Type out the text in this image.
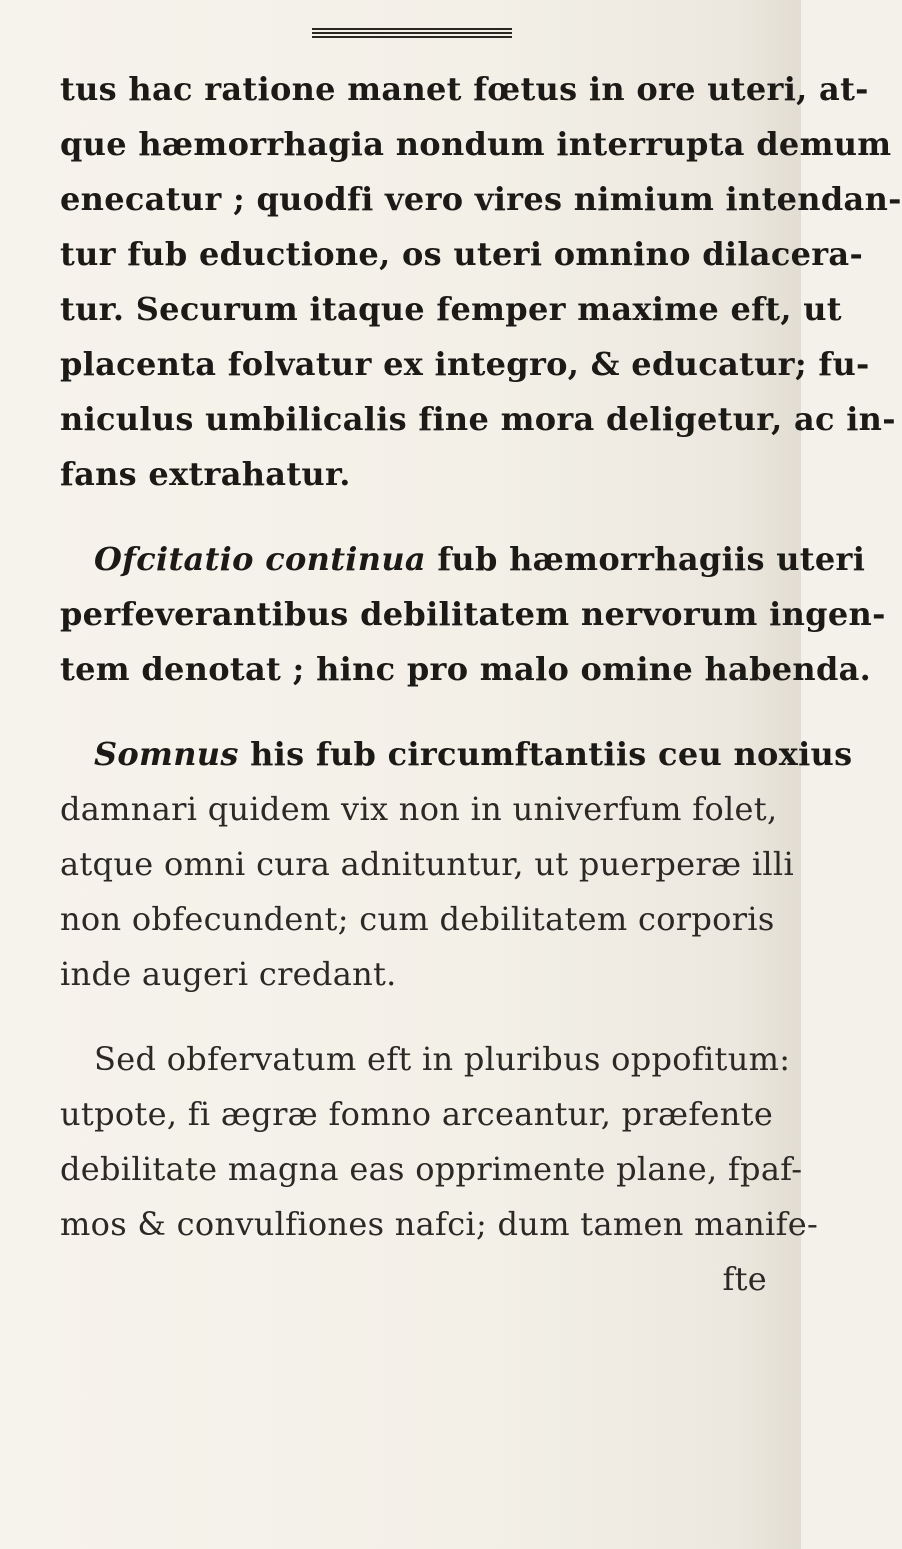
tus hac ratione manet fœtus in ore uteri, at-
que hæmorrhagia nondum interrupta demum
enecatur ; quodfi vero vires nimium intendan-
tur fub eductione, os uteri omnino dilacera-
tur. Securum itaque femper maxime eft, ut
placenta folvatur ex integro, & educatur; fu-
niculus umbilicalis fine mora deligetur, ac in-
fans extrahatur.
Ofcitatio continua fub hæmorrhagiis uteri
perfeverantibus debilitatem nervorum ingen-
tem denotat ; hinc pro malo omine habenda.
Somnus his fub circumftantiis ceu noxius
damnari quidem vix non in univerfum folet,
atque omni cura adnituntur, ut puerperæ illi
non obfecundent; cum debilitatem corporis
inde augeri credant.
Sed obfervatum eft in pluribus oppofitum:
utpote, fi ægræ fomno arceantur, præfente
debilitate magna eas opprimente plane, fpaf-
mos & convulfiones nafci; dum tamen manife-
fte
